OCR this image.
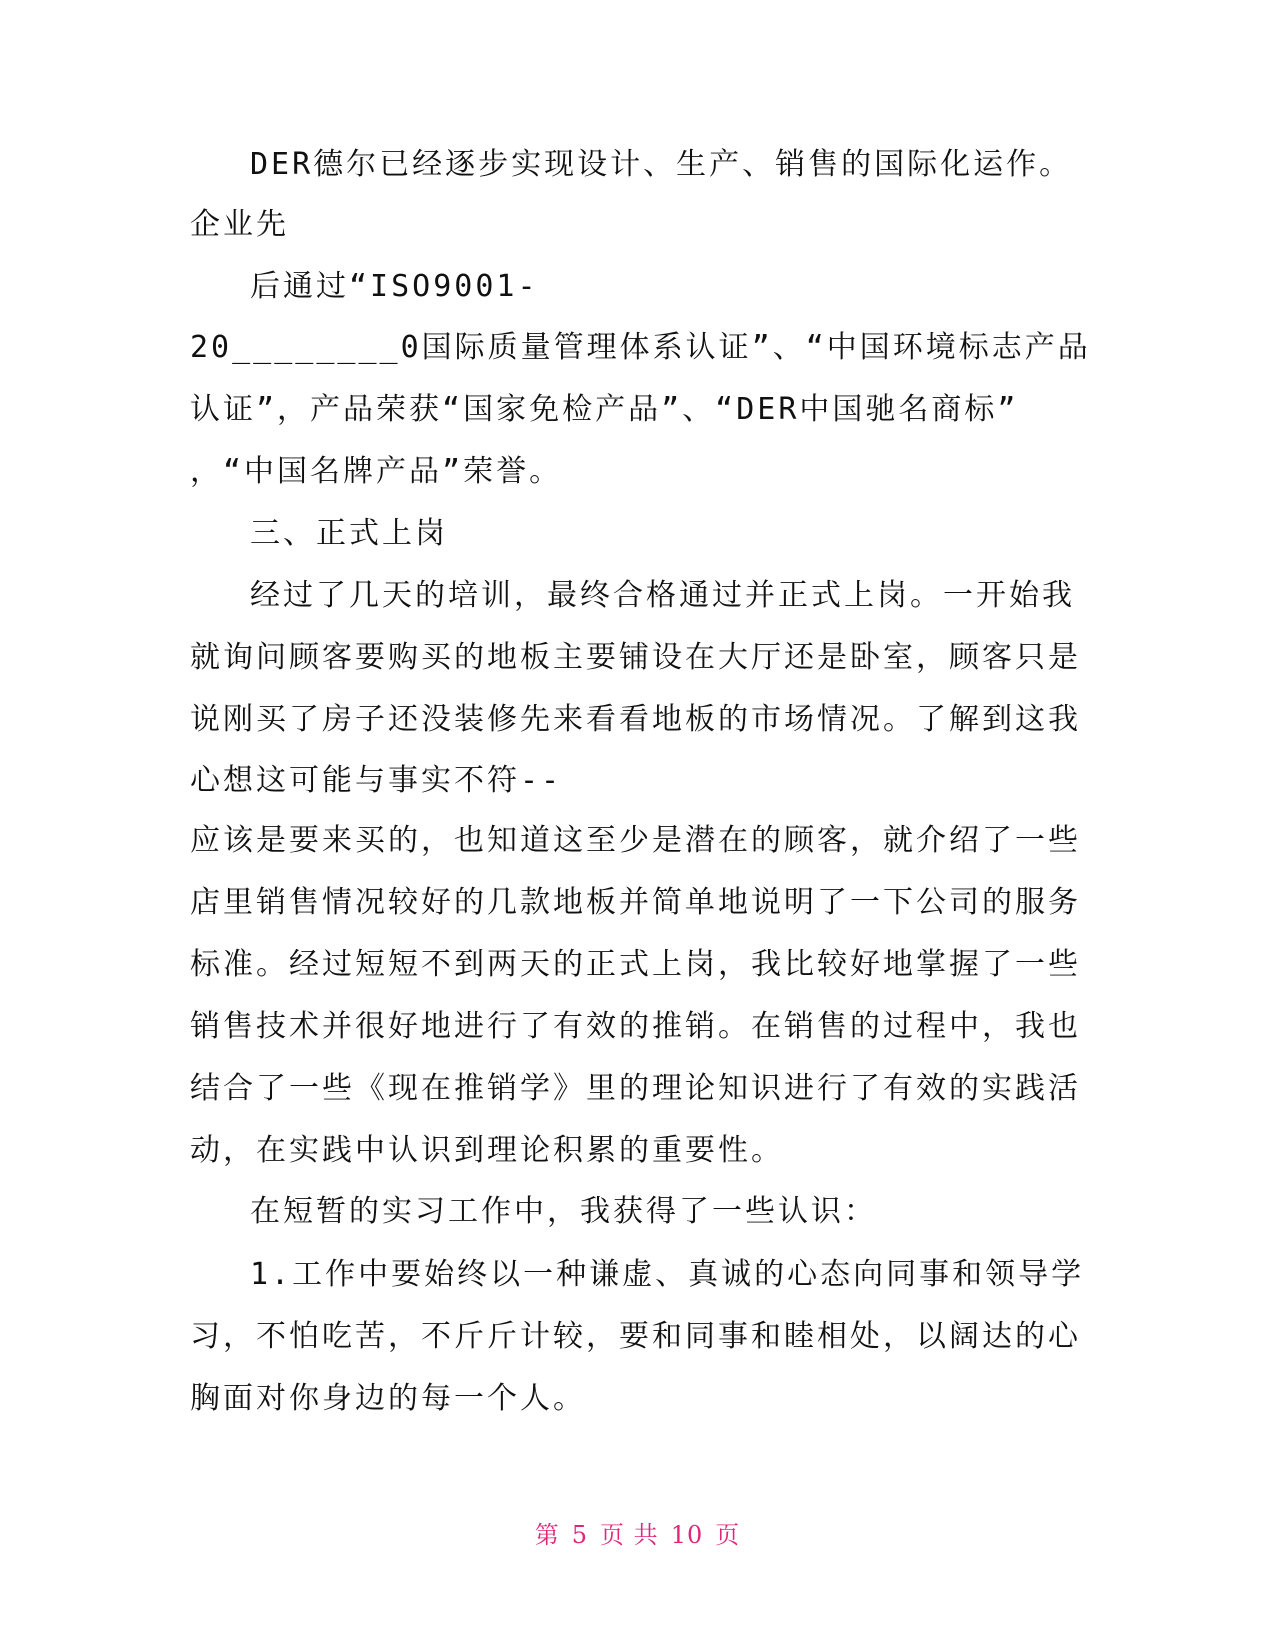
DER德尔已经逐步实现设计、生产、销售的国际化运作。
企业先
后通过“ISO9001-
20________0国际质量管理体系认证”、“中国环境标志产品
认证”，产品荣获“国家免检产品”、“DER中国驰名商标”
，“中国名牌产品”荣誉。
三、正式上岗
经过了几天的培训，最终合格通过并正式上岗。一开始我
就询问顾客要购买的地板主要铺设在大厅还是卧室，顾客只是
说刚买了房子还没装修先来看看地板的市场情况。了解到这我
心想这可能与事实不符--
应该是要来买的，也知道这至少是潜在的顾客，就介绍了一些
店里销售情况较好的几款地板并简单地说明了一下公司的服务
标准。经过短短不到两天的正式上岗，我比较好地掌握了一些
销售技术并很好地进行了有效的推销。在销售的过程中，我也
结合了一些《现在推销学》里的理论知识进行了有效的实践活
动，在实践中认识到理论积累的重要性。
在短暂的实习工作中，我获得了一些认识：
1.工作中要始终以一种谦虚、真诚的心态向同事和领导学
习，不怕吃苦，不斤斤计较，要和同事和睦相处，以阔达的心
胸面对你身边的每一个人。
第 5 页 共 10 页
